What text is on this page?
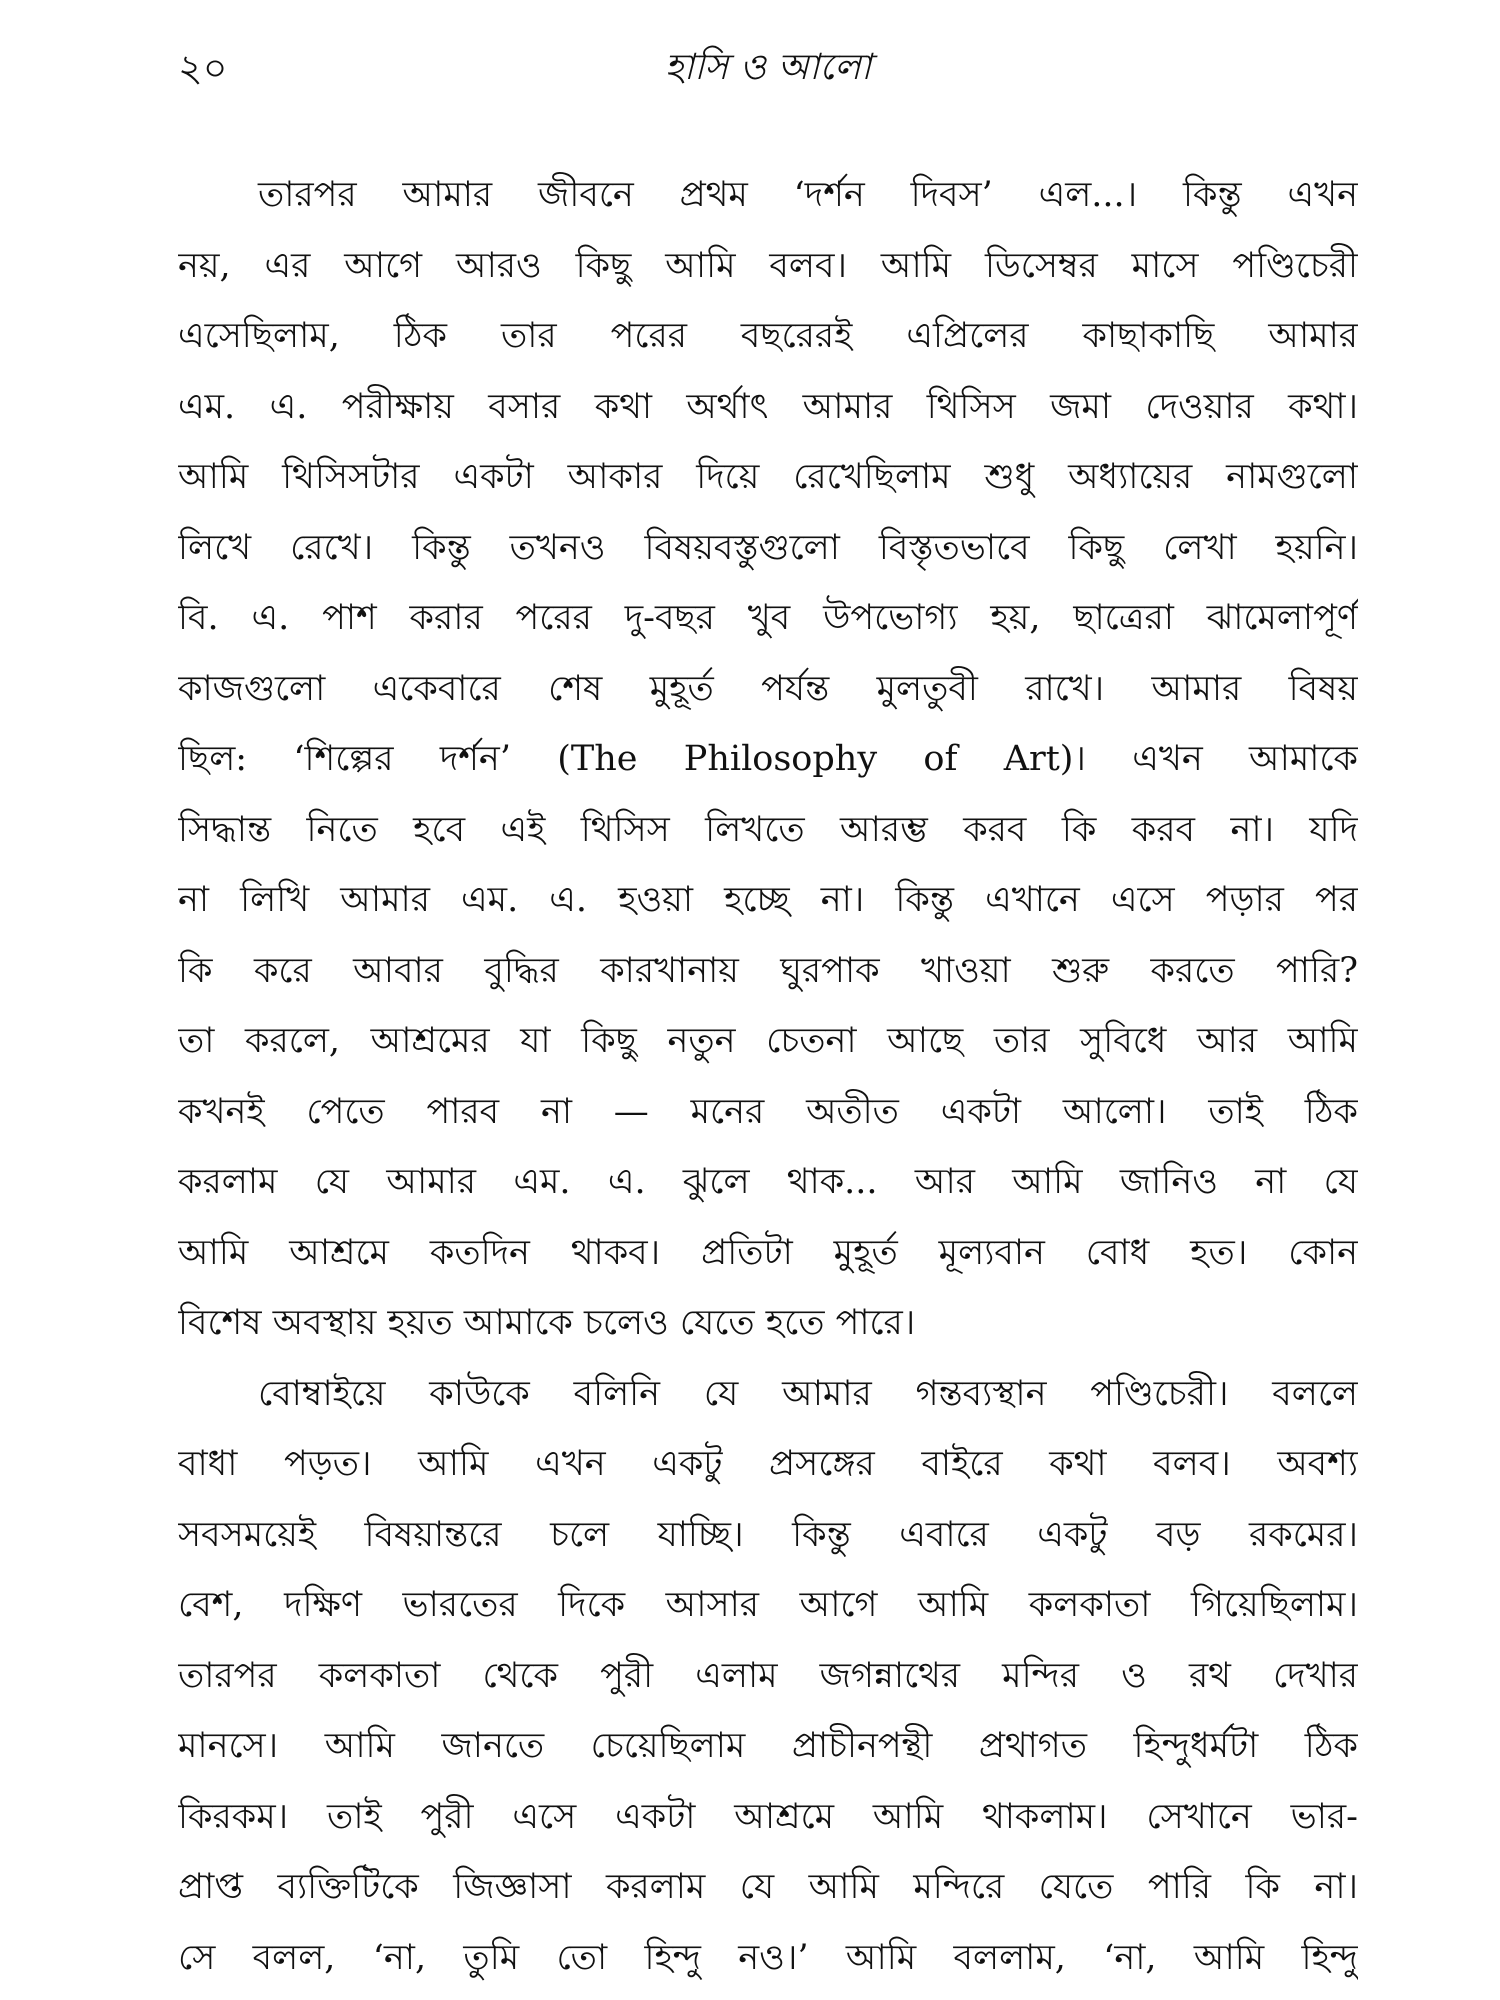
২০	হাসি ও আলো
তারপর আমার জীবনে প্রথম ‘দর্শন দিবস’ এল...। কিন্তু এখন
নয়, এর আগে আরও কিছু আমি বলব। আমি ডিসেম্বর মাসে পণ্ডিচেরী
এসেছিলাম, ঠিক তার পরের বছরেরই এপ্রিলের কাছাকাছি আমার
এম. এ. পরীক্ষায় বসার কথা অর্থাৎ আমার থিসিস জমা দেওয়ার কথা।
আমি থিসিসটার একটা আকার দিয়ে রেখেছিলাম শুধু অধ্যায়ের নামগুলো
লিখে রেখে। কিন্তু তখনও বিষয়বস্তুগুলো বিস্তৃতভাবে কিছু লেখা হয়নি।
বি. এ. পাশ করার পরের দু-বছর খুব উপভোগ্য হয়, ছাত্রেরা ঝামেলাপূর্ণ
কাজগুলো একেবারে শেষ মুহূর্ত পর্যন্ত মুলতুবী রাখে। আমার বিষয়
ছিল: ‘শিল্পের দর্শন’ (The Philosophy of Art)। এখন আমাকে
সিদ্ধান্ত নিতে হবে এই থিসিস লিখতে আরম্ভ করব কি করব না। যদি
না লিখি আমার এম. এ. হওয়া হচ্ছে না। কিন্তু এখানে এসে পড়ার পর
কি করে আবার বুদ্ধির কারখানায় ঘুরপাক খাওয়া শুরু করতে পারি?
তা করলে, আশ্রমের যা কিছু নতুন চেতনা আছে তার সুবিধে আর আমি
কখনই পেতে পারব না — মনের অতীত একটা আলো। তাই ঠিক
করলাম যে আমার এম. এ. ঝুলে থাক... আর আমি জানিও না যে
আমি আশ্রমে কতদিন থাকব। প্রতিটা মুহূর্ত মূল্যবান বোধ হত। কোন
বিশেষ অবস্থায় হয়ত আমাকে চলেও যেতে হতে পারে।
বোম্বাইয়ে কাউকে বলিনি যে আমার গন্তব্যস্থান পণ্ডিচেরী। বললে
বাধা পড়ত। আমি এখন একটু প্রসঙ্গের বাইরে কথা বলব। অবশ্য
সবসময়েই বিষয়ান্তরে চলে যাচ্ছি। কিন্তু এবারে একটু বড় রকমের।
বেশ, দক্ষিণ ভারতের দিকে আসার আগে আমি কলকাতা গিয়েছিলাম।
তারপর কলকাতা থেকে পুরী এলাম জগন্নাথের মন্দির ও রথ দেখার
মানসে। আমি জানতে চেয়েছিলাম প্রাচীনপন্থী প্রথাগত হিন্দুধর্মটা ঠিক
কিরকম। তাই পুরী এসে একটা আশ্রমে আমি থাকলাম। সেখানে ভার-
প্রাপ্ত ব্যক্তিটিকে জিজ্ঞাসা করলাম যে আমি মন্দিরে যেতে পারি কি না।
সে বলল, ‘না, তুমি তো হিন্দু নও।’ আমি বললাম, ‘না, আমি হিন্দু
